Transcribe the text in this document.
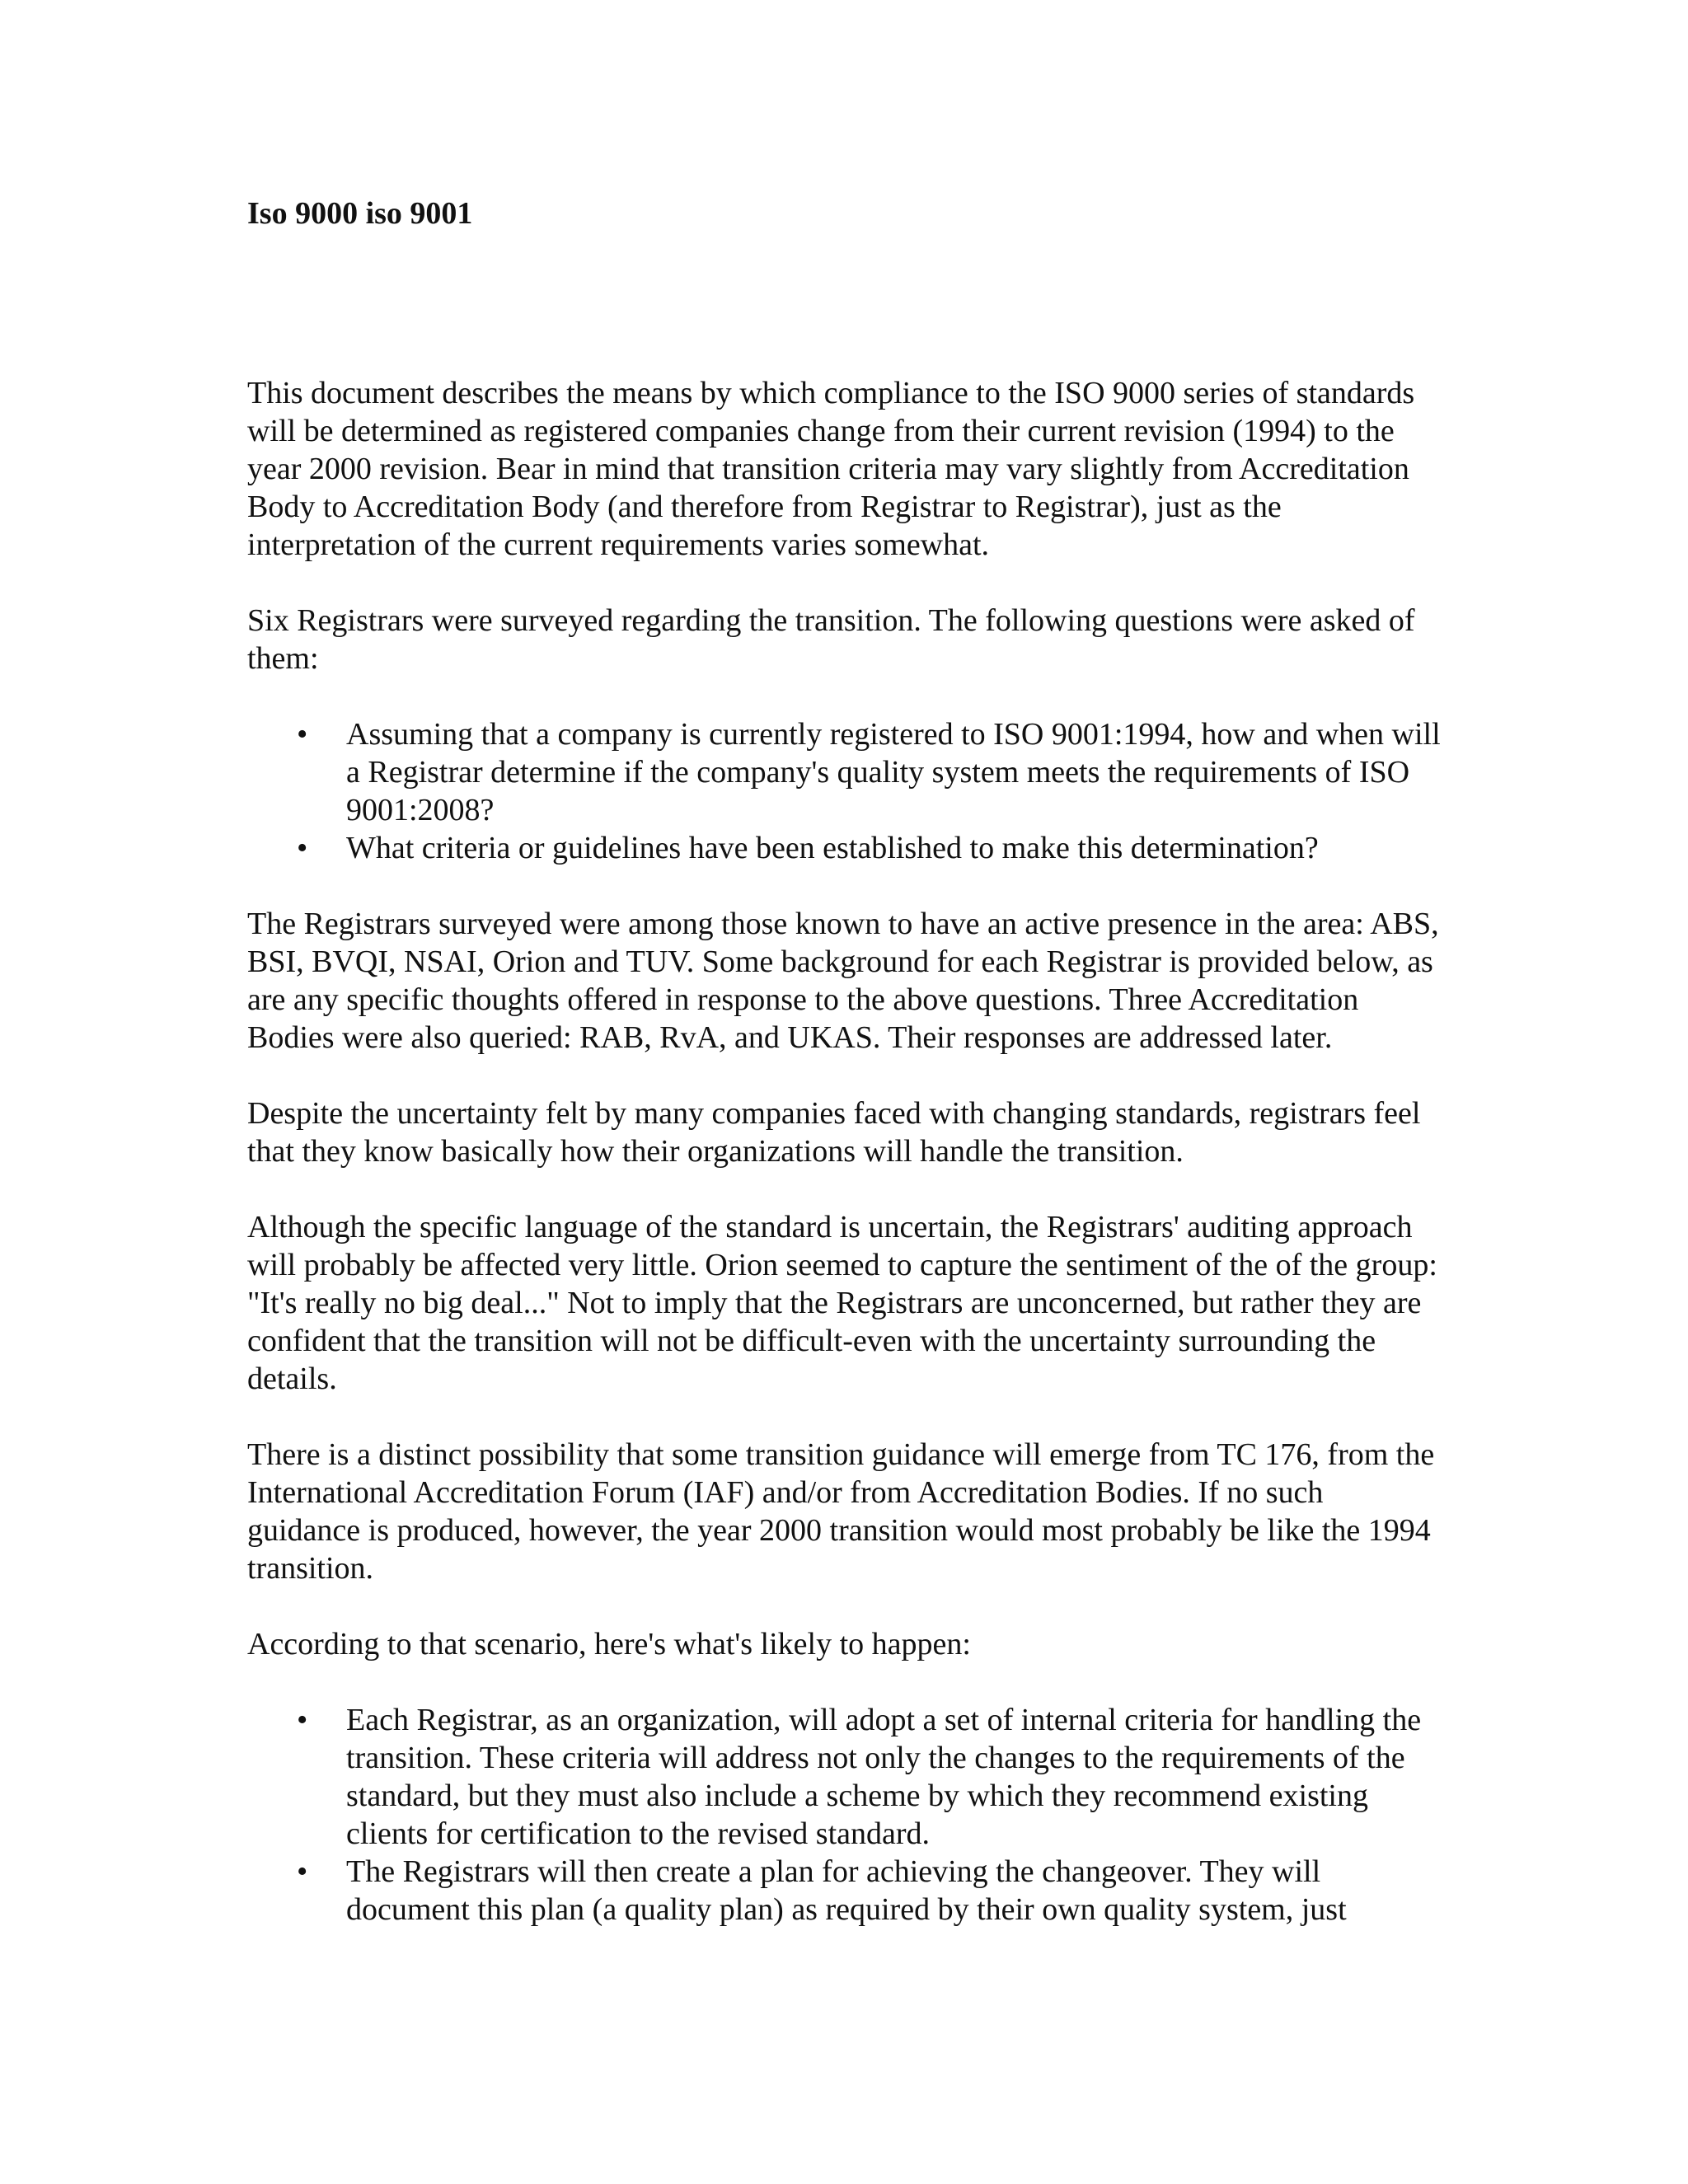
Iso 9000 iso 9001

This document describes the means by which compliance to the ISO 9000 series of standards will be determined as registered companies change from their current revision (1994) to the year 2000 revision. Bear in mind that transition criteria may vary slightly from Accreditation Body to Accreditation Body (and therefore from Registrar to Registrar), just as the interpretation of the current requirements varies somewhat.

Six Registrars were surveyed regarding the transition. The following questions were asked of them:

• Assuming that a company is currently registered to ISO 9001:1994, how and when will a Registrar determine if the company's quality system meets the requirements of ISO 9001:2008?
• What criteria or guidelines have been established to make this determination?

The Registrars surveyed were among those known to have an active presence in the area: ABS, BSI, BVQI, NSAI, Orion and TUV. Some background for each Registrar is provided below, as are any specific thoughts offered in response to the above questions. Three Accreditation Bodies were also queried: RAB, RvA, and UKAS. Their responses are addressed later.

Despite the uncertainty felt by many companies faced with changing standards, registrars feel that they know basically how their organizations will handle the transition.

Although the specific language of the standard is uncertain, the Registrars' auditing approach will probably be affected very little. Orion seemed to capture the sentiment of the of the group: "It's really no big deal..." Not to imply that the Registrars are unconcerned, but rather they are confident that the transition will not be difficult-even with the uncertainty surrounding the details.

There is a distinct possibility that some transition guidance will emerge from TC 176, from the International Accreditation Forum (IAF) and/or from Accreditation Bodies. If no such guidance is produced, however, the year 2000 transition would most probably be like the 1994 transition.

According to that scenario, here's what's likely to happen:

• Each Registrar, as an organization, will adopt a set of internal criteria for handling the transition. These criteria will address not only the changes to the requirements of the standard, but they must also include a scheme by which they recommend existing clients for certification to the revised standard.
• The Registrars will then create a plan for achieving the changeover. They will document this plan (a quality plan) as required by their own quality system, just
